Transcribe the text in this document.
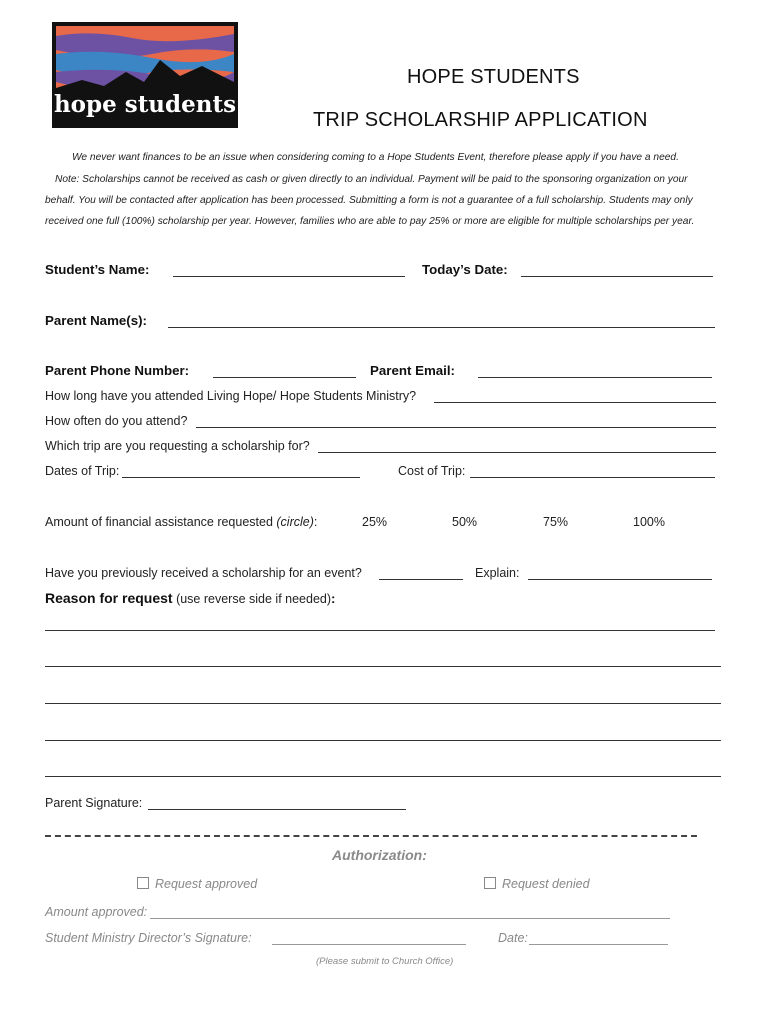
hope students
HOPE STUDENTS
TRIP SCHOLARSHIP APPLICATION
We never want finances to be an issue when considering coming to a Hope Students Event, therefore please apply if you have a need.
Note: Scholarships cannot be received as cash or given directly to an individual. Payment will be paid to the sponsoring organization on your
behalf. You will be contacted after application has been processed. Submitting a form is not a guarantee of a full scholarship. Students may only
received one full (100%) scholarship per year. However, families who are able to pay 25% or more are eligible for multiple scholarships per year.
Student’s Name:	Today’s Date:
Parent Name(s):
Parent Phone Number:	Parent Email:
How long have you attended Living Hope/ Hope Students Ministry?
How often do you attend?
Which trip are you requesting a scholarship for?
Dates of Trip:	Cost of Trip:
Amount of financial assistance requested (circle):	25%	50%	75%	100%
Have you previously received a scholarship for an event?	Explain:
Reason for request (use reverse side if needed):
Parent Signature:
Authorization:
Request approved	Request denied
Amount approved:
Student Ministry Director’s Signature:	Date:
(Please submit to Church Office)
